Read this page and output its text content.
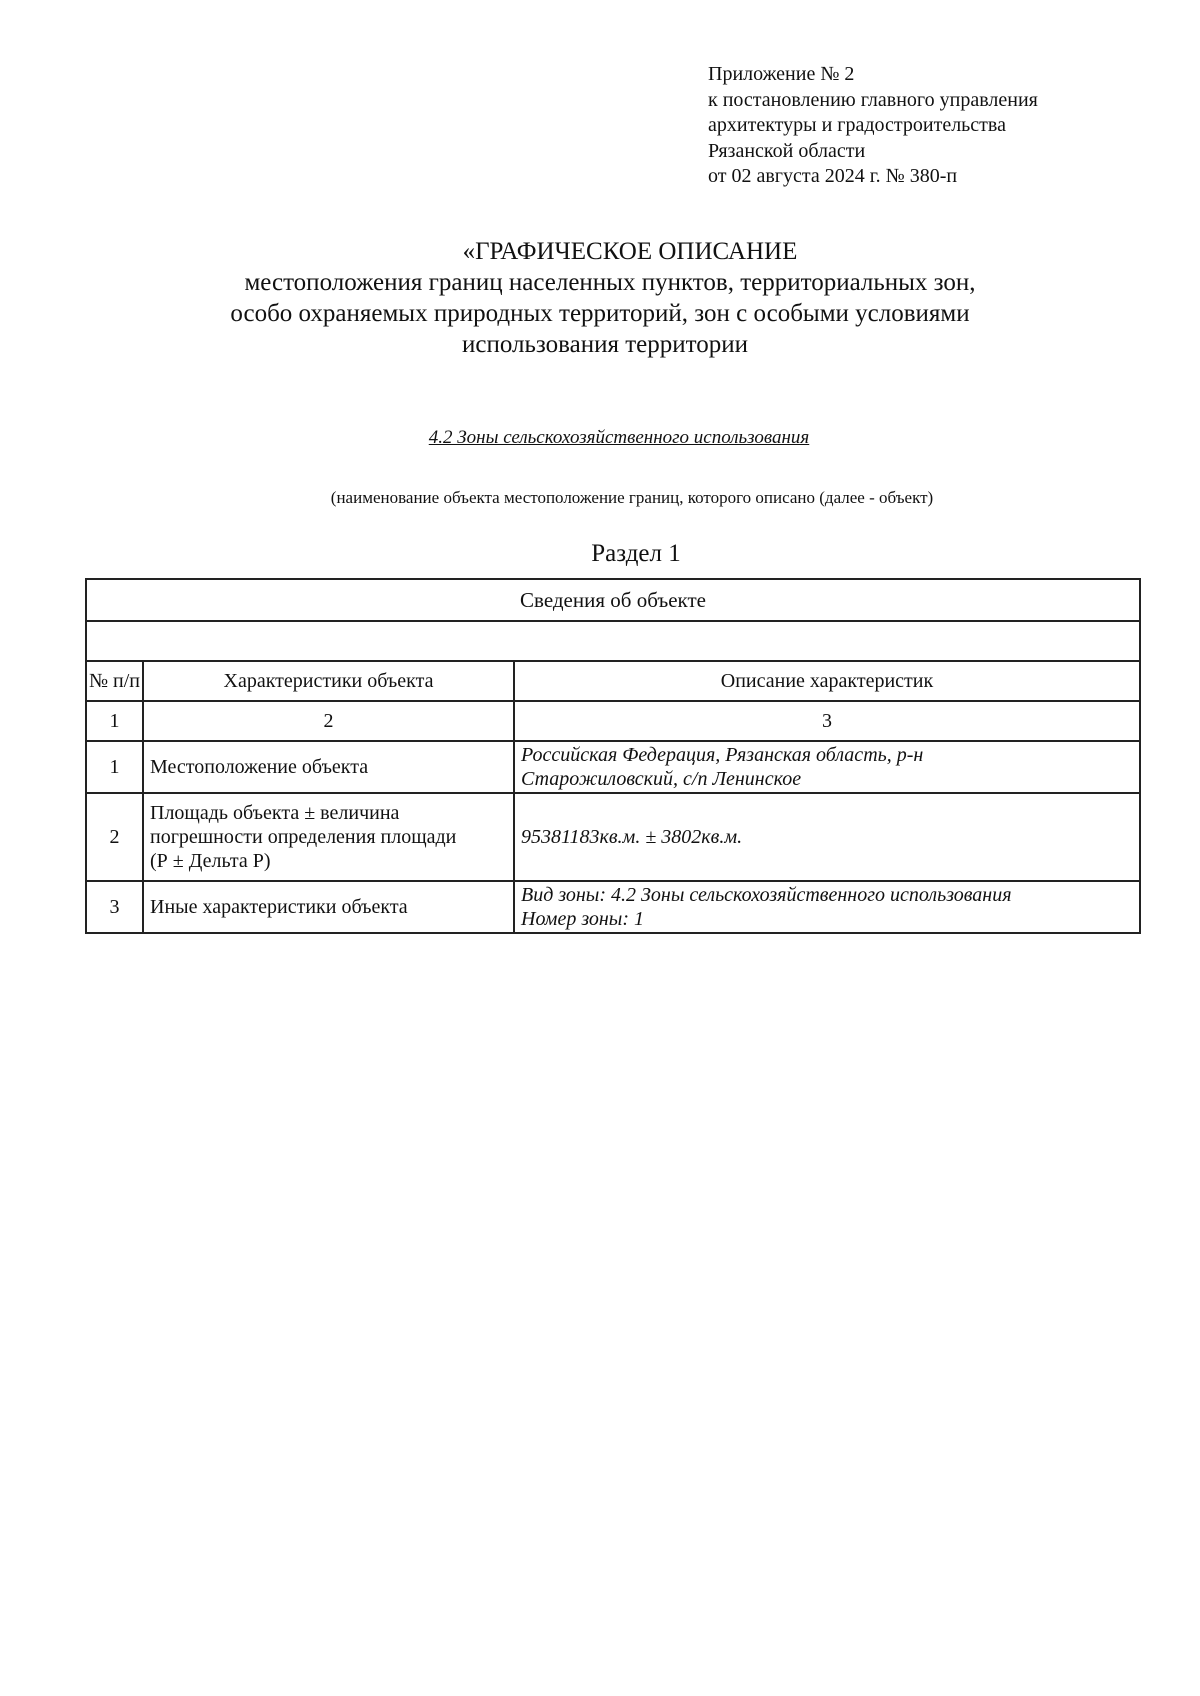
Приложение № 2
к постановлению главного управления
архитектуры и градостроительства
Рязанской области
от 02 августа 2024 г. № 380-п
«ГРАФИЧЕСКОЕ ОПИСАНИЕ
местоположения границ населенных пунктов, территориальных зон,
особо охраняемых природных территорий, зон с особыми условиями
использования территории
4.2 Зоны сельскохозяйственного использования
(наименование объекта местоположение границ, которого описано (далее - объект)
Раздел 1
Сведения об объекте		

№ п/п	Характеристики объекта	Описание характеристик
1	2	3
1	Местоположение объекта	Российская Федерация, Рязанская область, р-н
Старожиловский, с/п Ленинское

2	Площадь объекта ± величина
погрешности определения площади
(Р ± Дельта Р)	95381183кв.м. ± 3802кв.м.
3	Иные характеристики объекта	Вид зоны: 4.2 Зоны сельскохозяйственного использования
Номер зоны: 1
